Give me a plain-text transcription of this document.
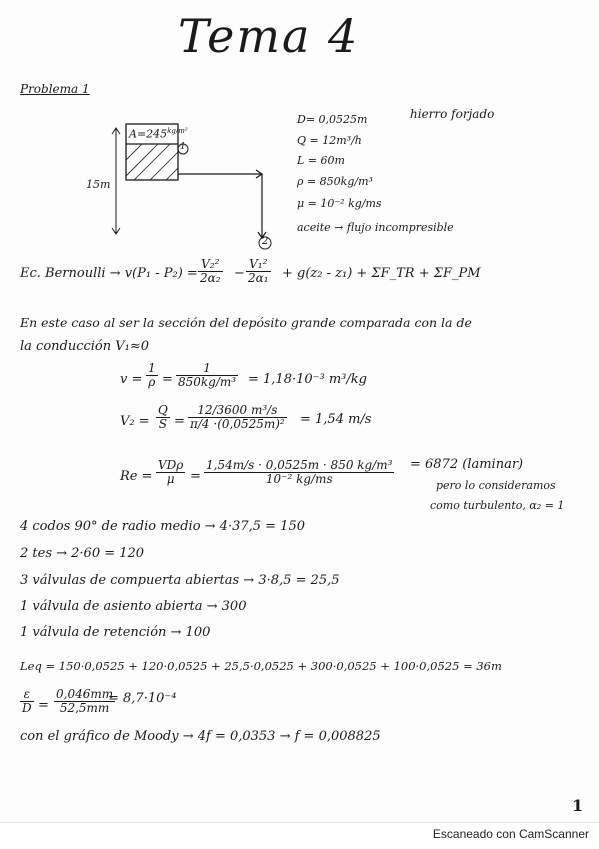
Tema 4
Problema 1
$A=245^{kg/m^2}$
1
2
15m
D= 0,0525m
Q = 12m³/h
L = 60m
ρ = 850kg/m³
μ = 10⁻² kg/ms
aceite → flujo incompresible
hierro forjado
Ec. Bernoulli → $v(P_1 - P_2) = \frac{\text{V₂²}}{\text{2α₂}} - \frac{\text{V₁²}}{\text{2α₁}} + g(z_2 - z_1)$ + ΣF_TR + ΣF_PM
En este caso al ser la sección del depósito grande comparada con la de
la conducción V₁≈0
$v = \frac{1}{\rho} = \frac{1}{\text{850kg/m³}} = 1,18\cdot 10^{-3}$ m³/kg
$V_2 = \frac{Q}{S} = \frac{\text{12/3600 m³/s}}{\text{π/4 ·(0,0525m)²}} = 1,54$ m/s
Re =
VDρ
μ	= $\frac{\text{1,54m/s · 0,0525m · 850 kg/m³}}{\text{10⁻² kg/ms}} = 6872$ (laminar)
pero lo consideramos
como turbulento, α₂ = 1
4 codos 90° de radio medio → 4·37,5 = 150
2 tes → 2·60 = 120
3 válvulas de compuerta abiertas → 3·8,5 = 25,5
1 válvula de asiento abierta → 300
1 válvula de retención → 100
Leq = 150·0,0525 + 120·0,0525 + 25,5·0,0525 + 300·0,0525 + 100·0,0525 = 36m
$\frac{\varepsilon}{D} = \frac{0,046mm}{52,5mm}$
= 8,7·10⁻⁴
con el gráfico de Moody → 4f = 0,0353 → f = 0,008825
1
Escaneado con CamScanner
